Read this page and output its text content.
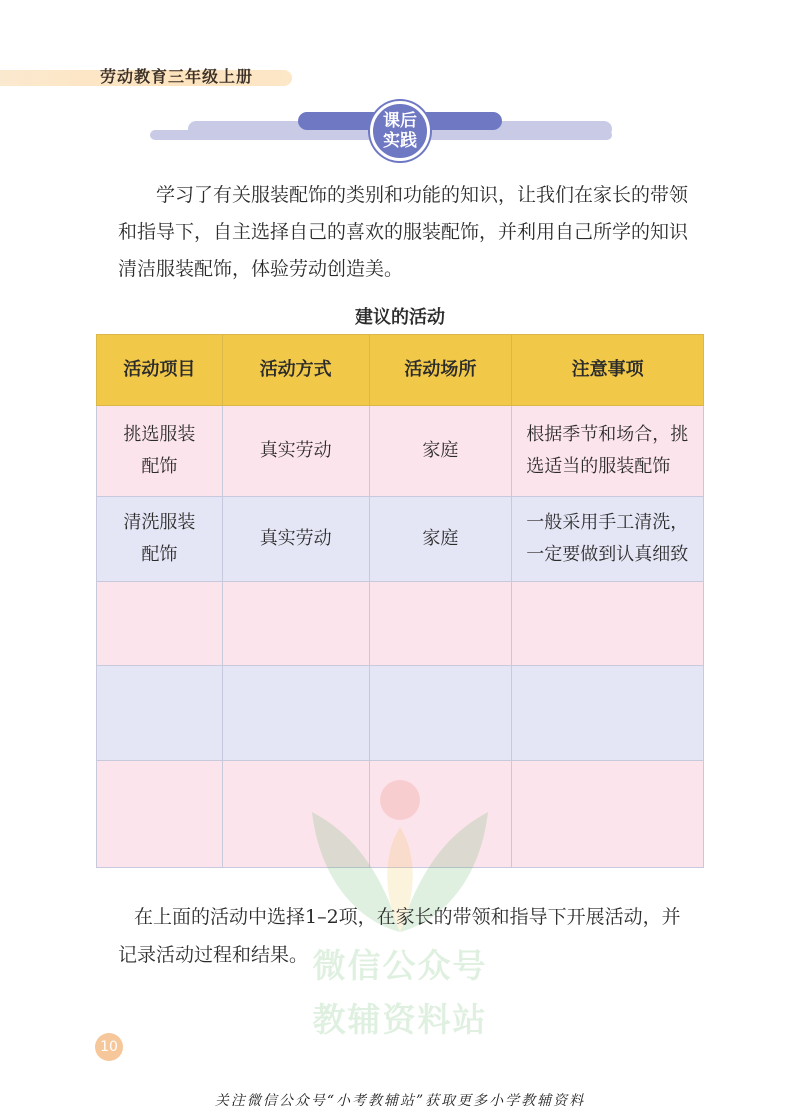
劳动教育三年级上册
课后
实践

学习了有关服装配饰的类别和功能的知识，让我们在家长的带领和指导下，自主选择自己的喜欢的服装配饰，并利用自己所学的知识清洁服装配饰，体验劳动创造美。

建议的活动
活动项目	活动方式	活动场所	注意事项

挑选服装
配饰	真实劳动	家庭	根据季节和场合，挑选适当的服装配饰

清洗服装
配饰	真实劳动	家庭	一般采用手工清洗，一定要做到认真细致

微信公众号
教辅资料站

在上面的活动中选择1–2项，在家长的带领和指导下开展活动，并记录活动过程和结果。

10
关注微信公众号“小考教辅站”获取更多小学教辅资料
